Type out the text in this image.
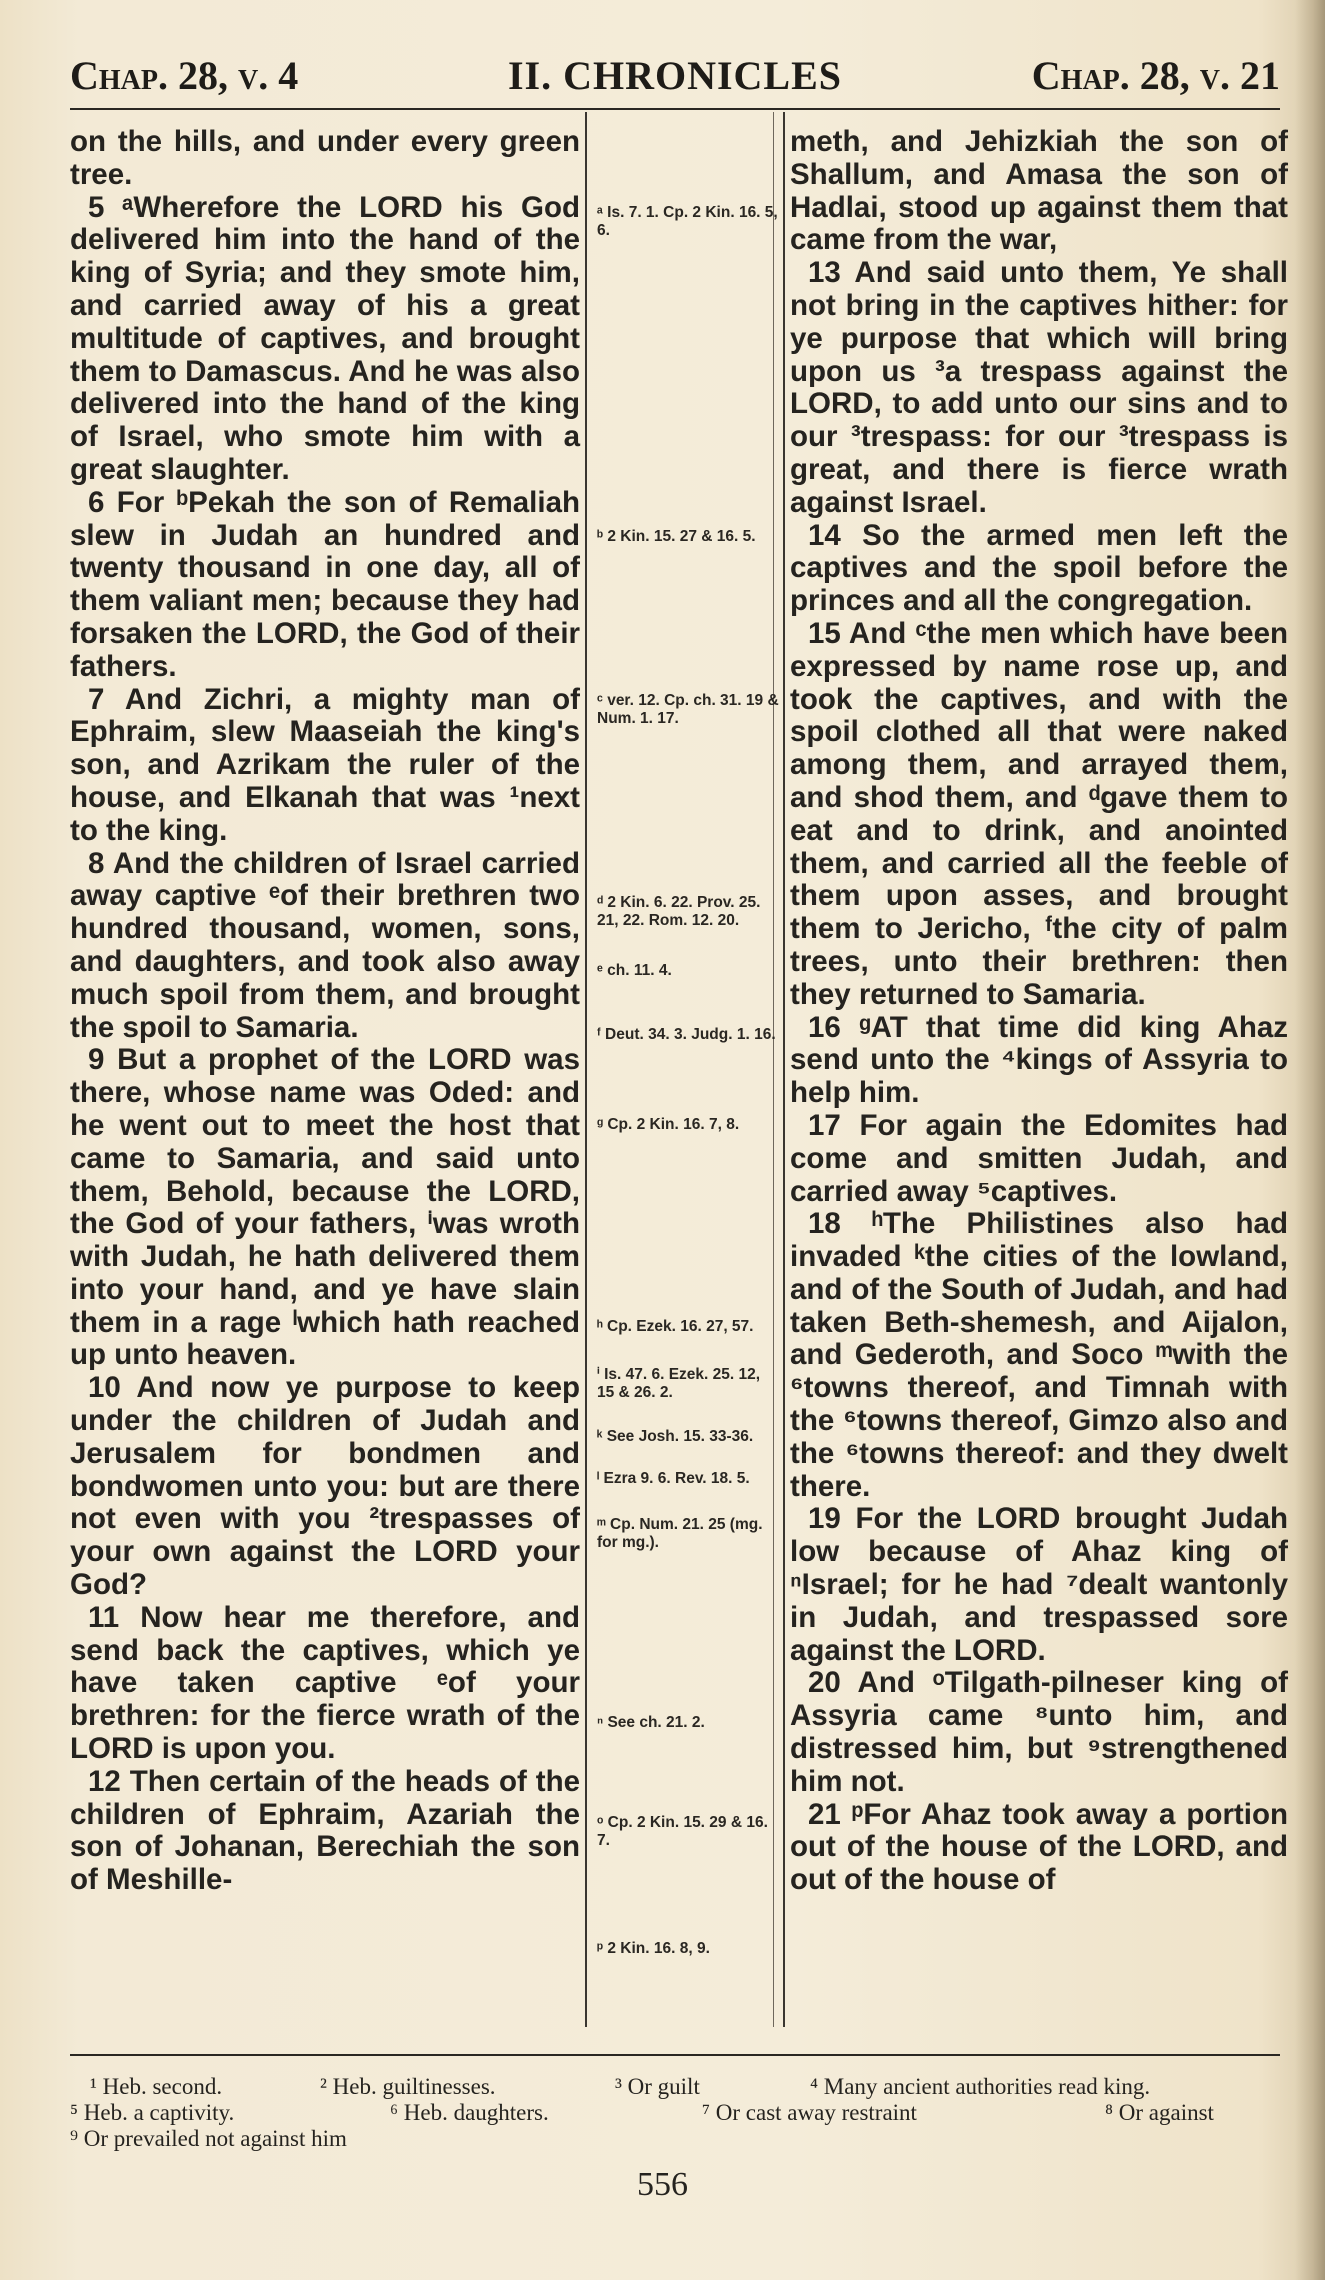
Chap. 28, v. 4	II. CHRONICLES	Chap. 28, v. 21

on the hills, and under every green tree.

5 ᵃWherefore the LORD his God delivered him into the hand of the king of Syria; and they smote him, and carried away of his a great multitude of captives, and brought them to Damascus. And he was also delivered into the hand of the king of Israel, who smote him with a great slaughter.

6 For ᵇPekah the son of Remaliah slew in Judah an hundred and twenty thousand in one day, all of them valiant men; because they had forsaken the LORD, the God of their fathers.

7 And Zichri, a mighty man of Ephraim, slew Maaseiah the king's son, and Azrikam the ruler of the house, and Elkanah that was ¹next to the king.

8 And the children of Israel carried away captive ᵉof their brethren two hundred thousand, women, sons, and daughters, and took also away much spoil from them, and brought the spoil to Samaria.

9 But a prophet of the LORD was there, whose name was Oded: and he went out to meet the host that came to Samaria, and said unto them, Behold, because the LORD, the God of your fathers, ⁱwas wroth with Judah, he hath delivered them into your hand, and ye have slain them in a rage ˡwhich hath reached up unto heaven.

10 And now ye purpose to keep under the children of Judah and Jerusalem for bondmen and bondwomen unto you: but are there not even with you ²trespasses of your own against the LORD your God?

11 Now hear me therefore, and send back the captives, which ye have taken captive ᵉof your brethren: for the fierce wrath of the LORD is upon you.

12 Then certain of the heads of the children of Ephraim, Azariah the son of Johanan, Berechiah the son of Meshille-

ᵃ Is. 7. 1. Cp. 2 Kin. 16. 5, 6.
ᵇ 2 Kin. 15. 27 & 16. 5.
ᶜ ver. 12. Cp. ch. 31. 19 & Num. 1. 17.
ᵈ 2 Kin. 6. 22. Prov. 25. 21, 22. Rom. 12. 20.
ᵉ ch. 11. 4.
ᶠ Deut. 34. 3. Judg. 1. 16.
ᵍ Cp. 2 Kin. 16. 7, 8.
ʰ Cp. Ezek. 16. 27, 57.
ⁱ Is. 47. 6. Ezek. 25. 12, 15 & 26. 2.
ᵏ See Josh. 15. 33-36.
ˡ Ezra 9. 6. Rev. 18. 5.
ᵐ Cp. Num. 21. 25 (mg. for mg.).
ⁿ See ch. 21. 2.
ᵒ Cp. 2 Kin. 15. 29 & 16. 7.
ᵖ 2 Kin. 16. 8, 9.

meth, and Jehizkiah the son of Shallum, and Amasa the son of Hadlai, stood up against them that came from the war,

13 And said unto them, Ye shall not bring in the captives hither: for ye purpose that which will bring upon us ³a trespass against the LORD, to add unto our sins and to our ³trespass: for our ³trespass is great, and there is fierce wrath against Israel.

14 So the armed men left the captives and the spoil before the princes and all the congregation.

15 And ᶜthe men which have been expressed by name rose up, and took the captives, and with the spoil clothed all that were naked among them, and arrayed them, and shod them, and ᵈgave them to eat and to drink, and anointed them, and carried all the feeble of them upon asses, and brought them to Jericho, ᶠthe city of palm trees, unto their brethren: then they returned to Samaria.

16 ᵍAT that time did king Ahaz send unto the ⁴kings of Assyria to help him.

17 For again the Edomites had come and smitten Judah, and carried away ⁵captives.

18 ʰThe Philistines also had invaded ᵏthe cities of the lowland, and of the South of Judah, and had taken Beth-shemesh, and Aijalon, and Gederoth, and Soco ᵐwith the ⁶towns thereof, and Timnah with the ⁶towns thereof, Gimzo also and the ⁶towns thereof: and they dwelt there.

19 For the LORD brought Judah low because of Ahaz king of ⁿIsrael; for he had ⁷dealt wantonly in Judah, and trespassed sore against the LORD.

20 And ᵒTilgath-pilneser king of Assyria came ⁸unto him, and distressed him, but ⁹strengthened him not.

21 ᵖFor Ahaz took away a portion out of the house of the LORD, and out of the house of

¹ Heb. second.	² Heb. guiltinesses.	³ Or guilt	⁴ Many ancient authorities read king.
⁵ Heb. a captivity.	⁶ Heb. daughters.	⁷ Or cast away restraint	⁸ Or against
⁹ Or prevailed not against him
556
